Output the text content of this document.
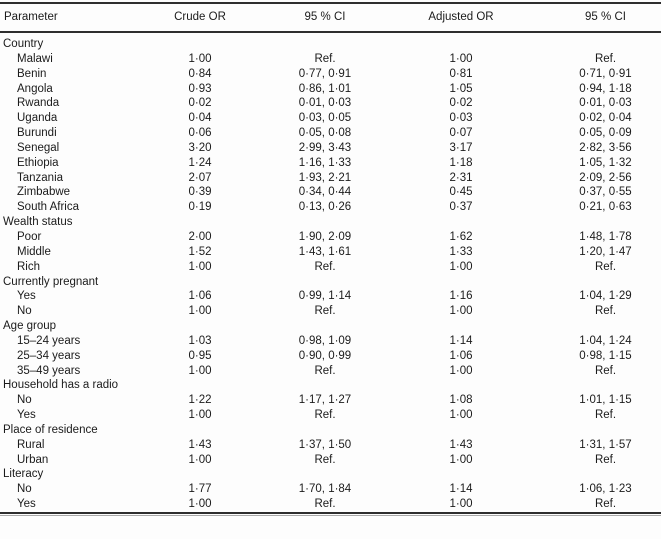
Parameter	Crude OR	95 % CI	Adjusted OR	95 % CI
Country				
Malawi	1·00	Ref.	1·00	Ref.
Benin	0·84	0·77, 0·91	0·81	0·71, 0·91
Angola	0·93	0·86, 1·01	1·05	0·94, 1·18
Rwanda	0·02	0·01, 0·03	0·02	0·01, 0·03
Uganda	0·04	0·03, 0·05	0·03	0·02, 0·04
Burundi	0·06	0·05, 0·08	0·07	0·05, 0·09
Senegal	3·20	2·99, 3·43	3·17	2·82, 3·56
Ethiopia	1·24	1·16, 1·33	1·18	1·05, 1·32
Tanzania	2·07	1·93, 2·21	2·31	2·09, 2·56
Zimbabwe	0·39	0·34, 0·44	0·45	0·37, 0·55
South Africa	0·19	0·13, 0·26	0·37	0·21, 0·63
Wealth status				
Poor	2·00	1·90, 2·09	1·62	1·48, 1·78
Middle	1·52	1·43, 1·61	1·33	1·20, 1·47
Rich	1·00	Ref.	1·00	Ref.
Currently pregnant				
Yes	1·06	0·99, 1·14	1·16	1·04, 1·29
No	1·00	Ref.	1·00	Ref.
Age group				
15–24 years	1·03	0·98, 1·09	1·14	1·04, 1·24
25–34 years	0·95	0·90, 0·99	1·06	0·98, 1·15
35–49 years	1·00	Ref.	1·00	Ref.
Household has a radio				
No	1·22	1·17, 1·27	1·08	1·01, 1·15
Yes	1·00	Ref.	1·00	Ref.
Place of residence				
Rural	1·43	1·37, 1·50	1·43	1·31, 1·57
Urban	1·00	Ref.	1·00	Ref.
Literacy				
No	1·77	1·70, 1·84	1·14	1·06, 1·23
Yes	1·00	Ref.	1·00	Ref.
